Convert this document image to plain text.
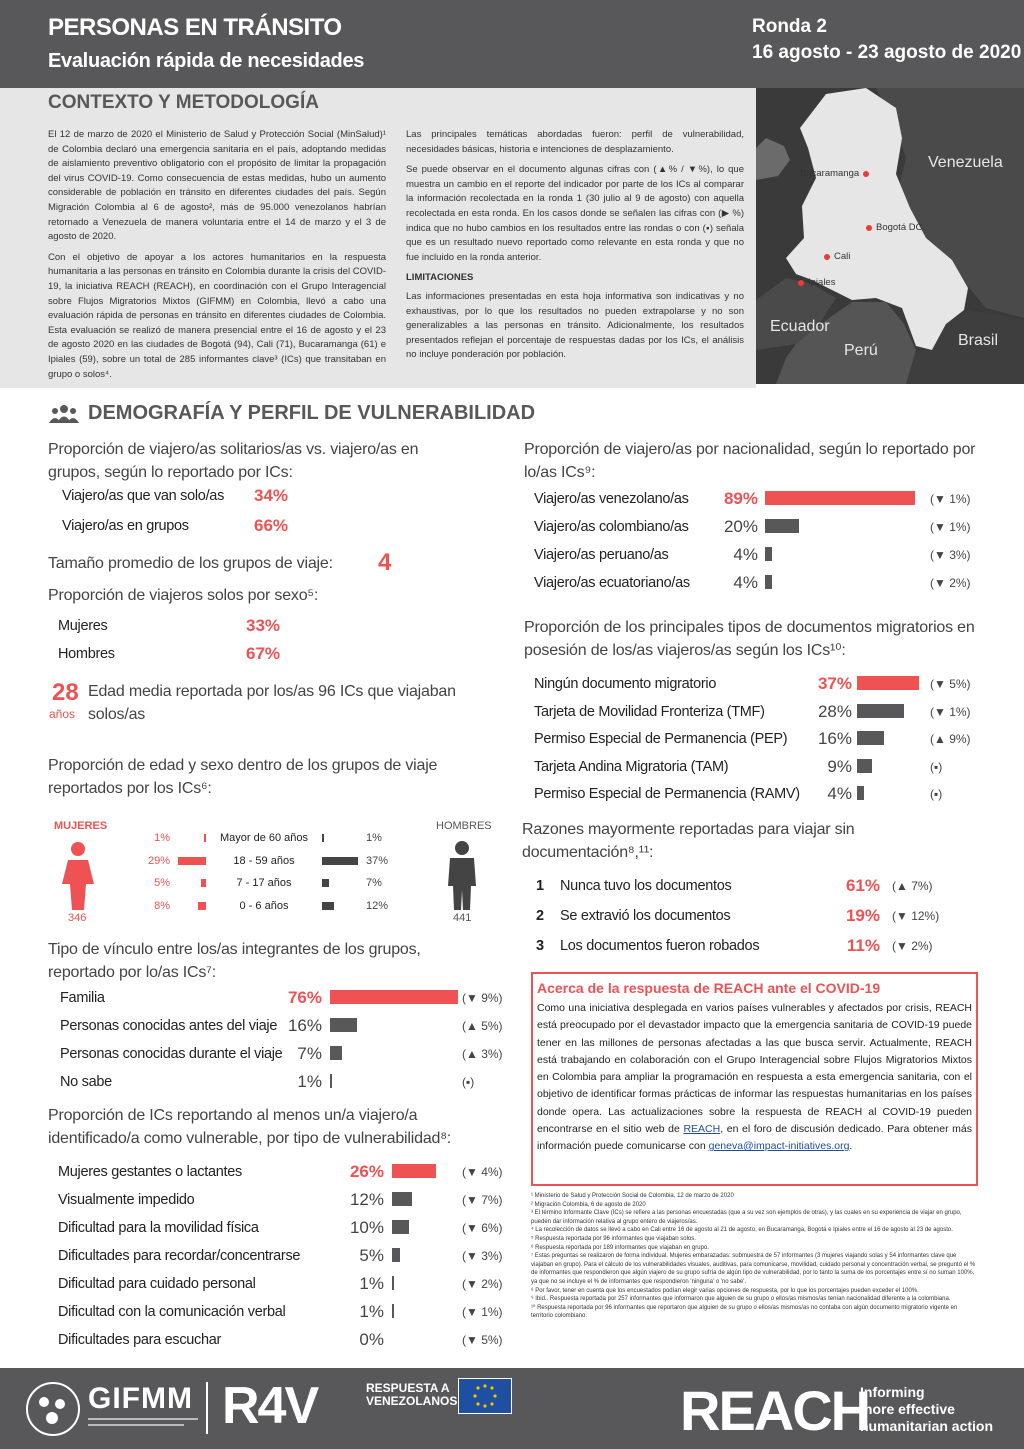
PERSONAS EN TRÁNSITO
Evaluación rápida de necesidades
Ronda 2
16 agosto - 23 agosto de 2020
CONTEXTO Y METODOLOGÍA

El 12 de marzo de 2020 el Ministerio de Salud y Protección Social (MinSalud)¹ de Colombia declaró una emergencia sanitaria en el país, adoptando medidas de aislamiento preventivo obligatorio con el propósito de limitar la propagación del virus COVID-19. Como consecuencia de estas medidas, hubo un aumento considerable de población en tránsito en diferentes ciudades del país. Según Migración Colombia al 6 de agosto², más de 95.000 venezolanos habrían retornado a Venezuela de manera voluntaria entre el 14 de marzo y el 3 de agosto de 2020.

Con el objetivo de apoyar a los actores humanitarios en la respuesta humanitaria a las personas en tránsito en Colombia durante la crisis del COVID-19, la iniciativa REACH (REACH), en coordinación con el Grupo Interagencial sobre Flujos Migratorios Mixtos (GIFMM) en Colombia, llevó a cabo una evaluación rápida de personas en tránsito en diferentes ciudades de Colombia. Esta evaluación se realizó de manera presencial entre el 16 de agosto y el 23 de agosto 2020 en las ciudades de Bogotá (94), Cali (71), Bucaramanga (61) e Ipiales (59), sobre un total de 285 informantes clave³ (ICs) que transitaban en grupo o solos⁴.

Las principales temáticas abordadas fueron: perfil de vulnerabilidad, necesidades básicas, historia e intenciones de desplazamiento.

Se puede observar en el documento algunas cifras con (▲% / ▼%), lo que muestra un cambio en el reporte del indicador por parte de los ICs al comparar la información recolectada en la ronda 1 (30 julio al 9 de agosto) con aquella recolectada en esta ronda. En los casos donde se señalen las cifras con (▶ %) indica que no hubo cambios en los resultados entre las rondas o con (▪) señala que es un resultado nuevo reportado como relevante en esta ronda y que no fue incluido en la ronda anterior.

LIMITACIONES

Las informaciones presentadas en esta hoja informativa son indicativas y no exhaustivas, por lo que los resultados no pueden extrapolarse y no son generalizables a las personas en tránsito. Adicionalmente, los resultados presentados reflejan el porcentaje de respuestas dadas por los ICs, el análisis no incluye ponderación por población.

Venezuela
Ecuador
Perú
Brasil
Bucaramanga
Bogotá DC.
Cali
Ipiales
DEMOGRAFÍA Y PERFIL DE VULNERABILIDAD
Proporción de viajero/as solitarios/as vs. viajero/as en grupos, según lo reportado por ICs:
Viajero/as que van solo/as 34%
Viajero/as en grupos	66%
Tamaño promedio de los grupos de viaje: 4
Proporción de viajeros solos por sexo⁵:
Mujeres	33%
Hombres	67%
28
años
Edad media reportada por los/as 96 ICs que viajaban solos/as
Proporción de edad y sexo dentro de los grupos de viaje reportados por los ICs⁶:
MUJERES	HOMBRES
346	441
Tipo de vínculo entre los/as integrantes de los grupos, reportado por lo/as ICs⁷:
Proporción de ICs reportando al menos un/a viajero/a identificado/a como vulnerable, por tipo de vulnerabilidad⁸:
Proporción de viajero/as por nacionalidad, según lo reportado por lo/as ICs⁹:
Proporción de los principales tipos de documentos migratorios en posesión de los/as viajeros/as según los ICs¹⁰:
Razones mayormente reportadas para viajar sin documentación⁸,¹¹:
Acerca de la respuesta de REACH ante el COVID-19
Como una iniciativa desplegada en varios países vulnerables y afectados por crisis, REACH está preocupado por el devastador impacto que la emergencia sanitaria de COVID-19 puede tener en las millones de personas afectadas a las que busca servir. Actualmente, REACH está trabajando en colaboración con el Grupo Interagencial sobre Flujos Migratorios Mixtos en Colombia para ampliar la programación en respuesta a esta emergencia sanitaria, con el objetivo de identificar formas prácticas de informar las respuestas humanitarias en los países donde opera. Las actualizaciones sobre la respuesta de REACH al COVID-19 pueden encontrarse en el sitio web de REACH, en el foro de discusión dedicado. Para obtener más información puede comunicarse con geneva@impact-initiatives.org.
¹ Ministerio de Salud y Protección Social de Colombia, 12 de marzo de 2020
² Migración Colombia, 6 de agosto de 2020
³ El término Informante Clave (ICs) se refiere a las personas encuestadas (que a su vez son ejemplos de otras), y las cuales en su experiencia de viajar en grupo, pueden dar información relativa al grupo entero de viajeros/as.
⁴ La recolección de datos se llevó a cabo en Cali entre 16 de agosto al 21 de agosto, en Bucaramanga, Bogotá e Ipiales entre el 16 de agosto al 23 de agosto.
⁵ Respuesta reportada por 96 informantes que viajaban solos.
⁶ Respuesta reportada por 189 informantes que viajaban en grupo.
⁷ Estas preguntas se realizaron de forma individual. Mujeres embarazadas: submuestra de 57 informantes (3 mujeres viajando solas y 54 informantes clave que viajaban en grupo). Para el cálculo de los vulnerabilidades visuales, auditivas, para comunicarse, movilidad, cuidado personal y concentración verbal, se preguntó el % de informantes que respondieron que algún viajero de su grupo sufría de algún tipo de vulnerabilidad, por lo tanto la suma de los porcentajes entre sí no suman 100%, ya que no se incluye el % de informantes que respondieron 'ninguna' o 'no sabe'.
⁸ Por favor, tener en cuenta que los encuestados podían elegir varias opciones de respuesta, por lo que los porcentajes pueden exceder el 100%.
⁹ Ibid.. Respuesta reportada por 257 informantes que informaron que alguien de su grupo o ellos/as mismos/as tenían nacionalidad diferente a la colombiana.
¹⁰ Respuesta reportada por 96 informantes que reportaron que alguien de su grupo o ellos/as mismos/as no contaba con algún documento migratorio vigente en territorio colombiano.
GIFMM R4V	RESPUESTA A
VENEZOLANOS	REACH
Informing
more effective
humanitarian action
Familia	76%	(▼ 9%)
Personas conocidas antes del viaje 16%	(▲ 5%)
Personas conocidas durante el viaje 7%	(▲ 3%)
No sabe	1%	(▪)
Mujeres gestantes o lactantes	26%	(▼ 4%)
Visualmente impedido	12%	(▼ 7%)
Dificultad para la movilidad física	10%	(▼ 6%)
Dificultades para recordar/concentrarse	5%	(▼ 3%)
Dificultad para cuidado personal	1%	(▼ 2%)
Dificultad con la comunicación verbal	1%	(▼ 1%)
Dificultades para escuchar	0%	(▼ 5%)
Viajero/as venezolano/as	89%	(▼ 1%)
Viajero/as colombiano/as	20%	(▼ 1%)
Viajero/as peruano/as	4%	(▼ 3%)
Viajero/as ecuatoriano/as	4%	(▼ 2%)
Ningún documento migratorio	37%	(▼ 5%)
Tarjeta de Movilidad Fronteriza (TMF)	28%	(▼ 1%)
Permiso Especial de Permanencia (PEP)	16%	(▲ 9%)
Tarjeta Andina Migratoria (TAM)	9%	(▪)
Permiso Especial de Permanencia (RAMV)	4%	(▪)
1 Nunca tuvo los documentos	61% (▲ 7%)
2 Se extravió los documentos	19% (▼ 12%)
3 Los documentos fueron robados	11% (▼ 2%)
1%	Mayor de 60 años	1%
29%	18 - 59 años	37%
5%	7 - 17 años	7%
8%	0 - 6 años	12%
